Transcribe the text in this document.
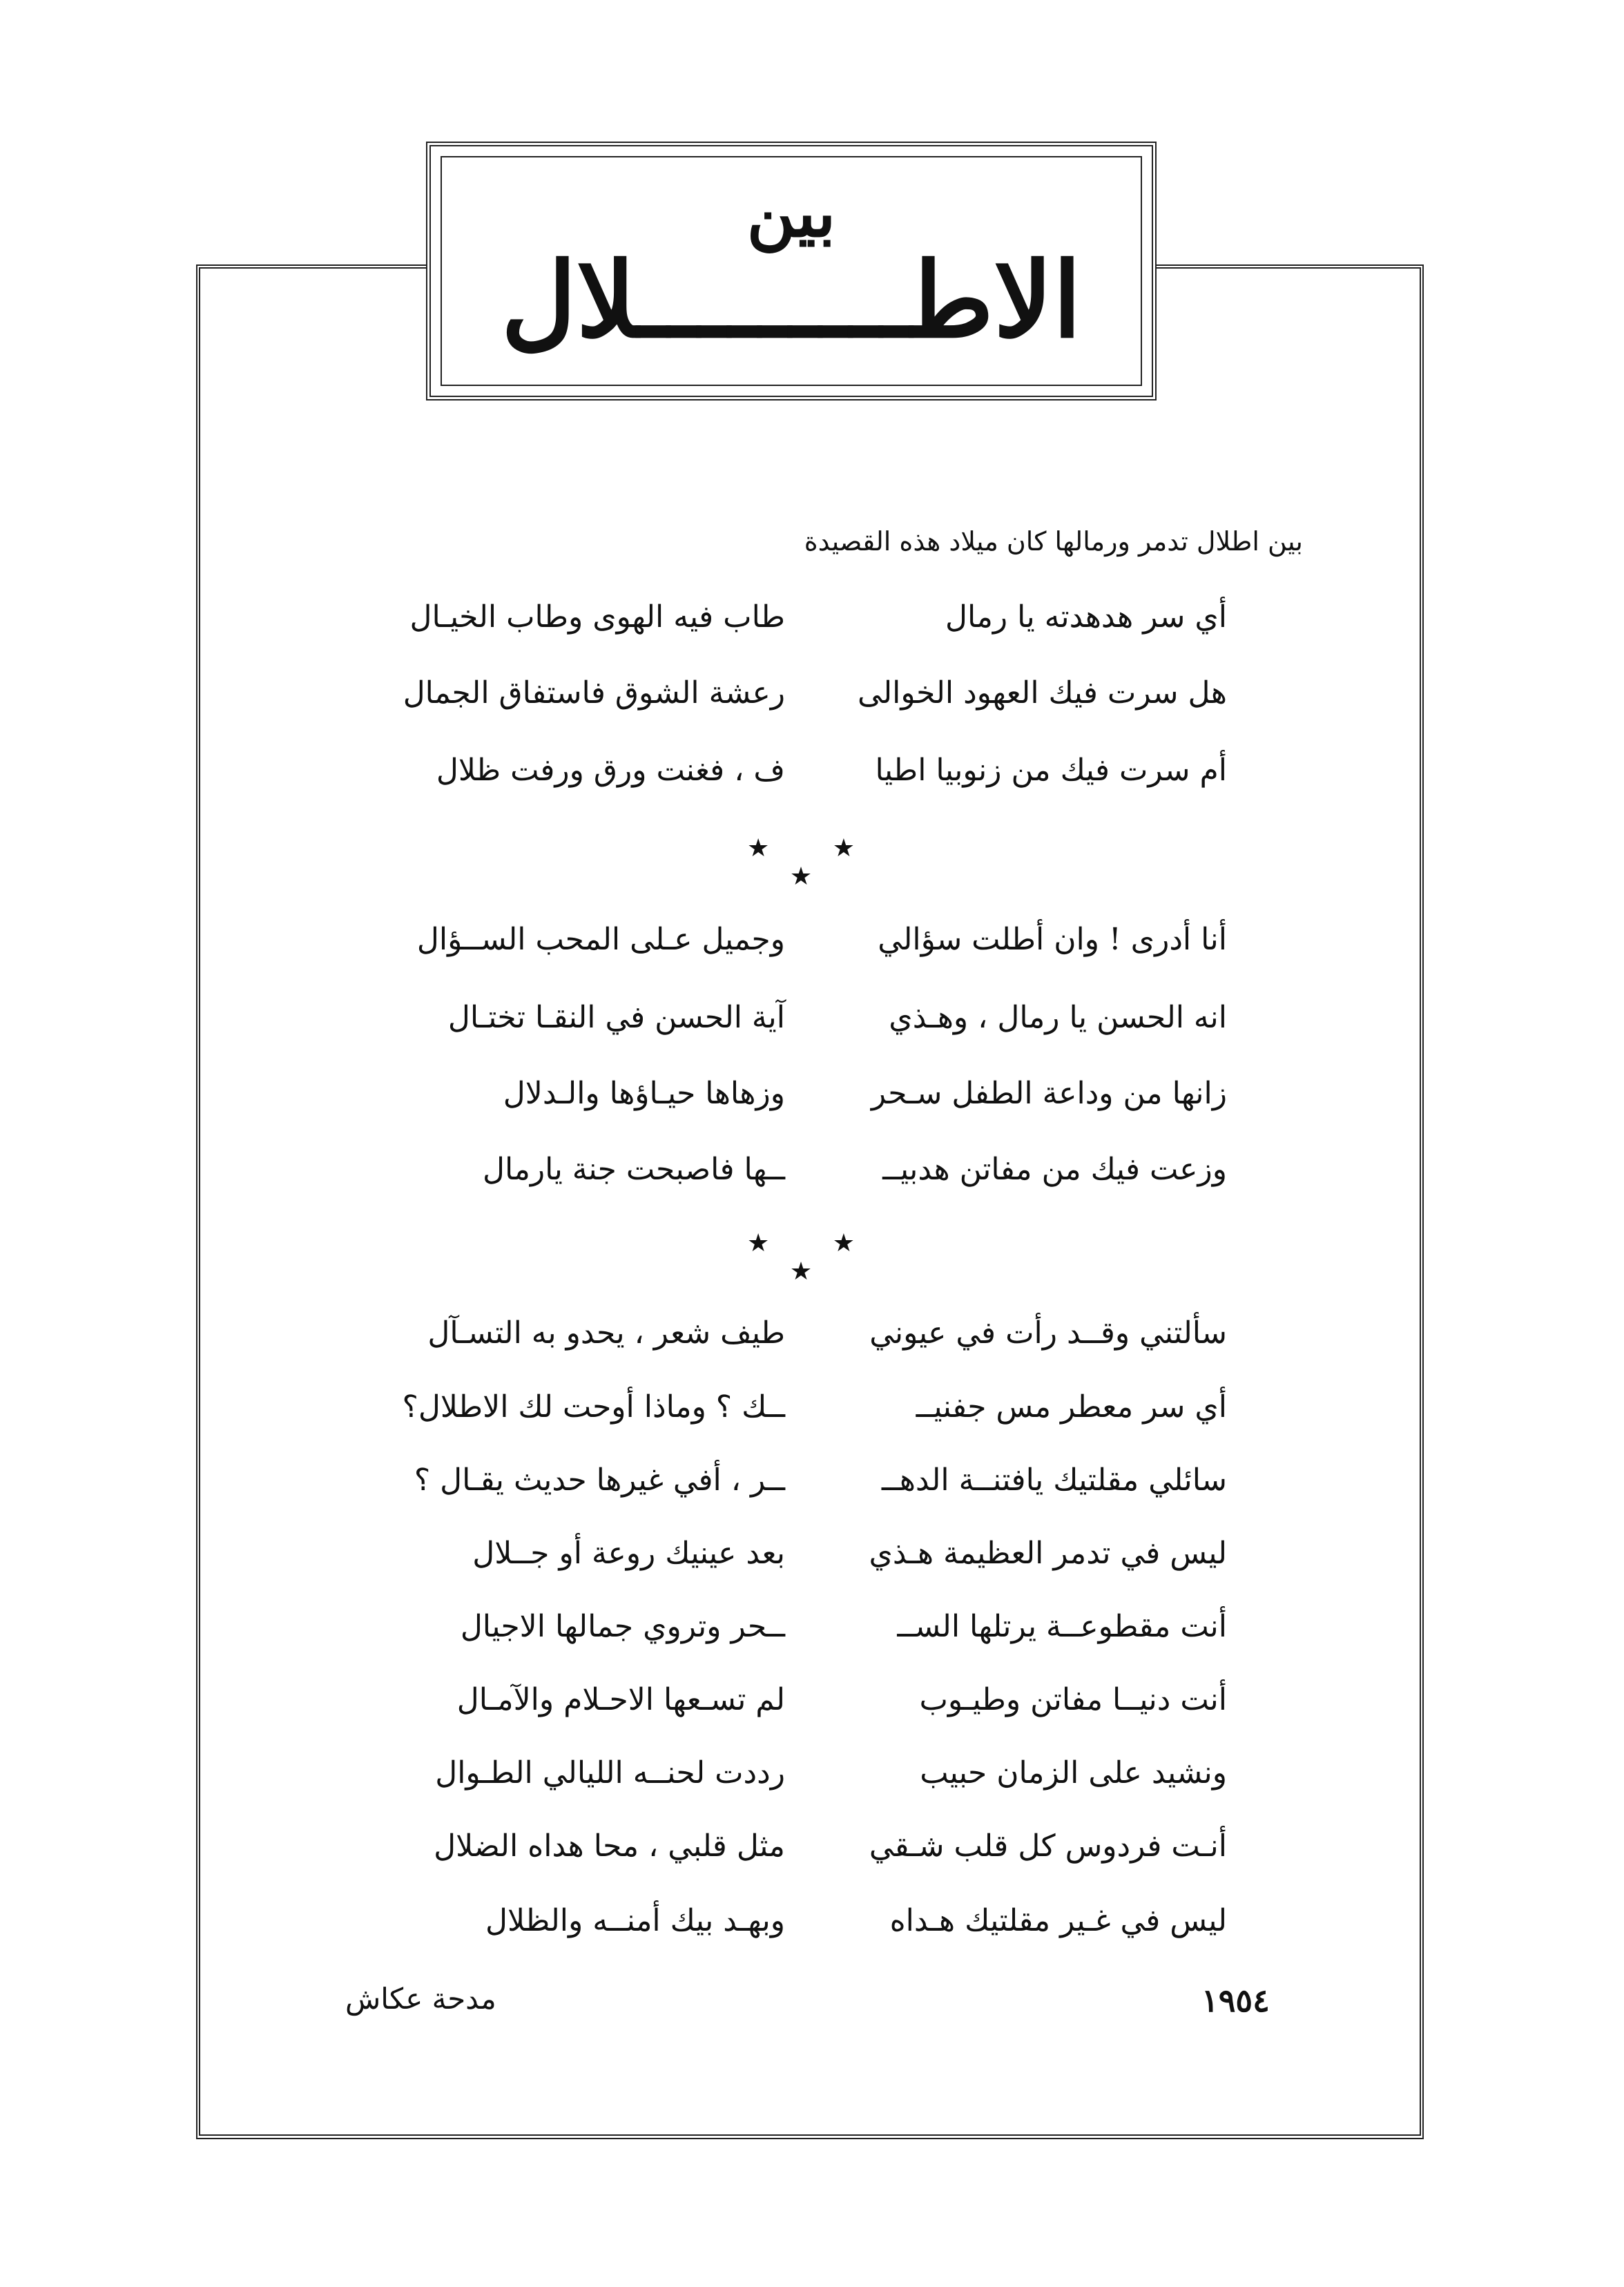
بين
الاطـــــــــلال
بين اطلال تدمر ورمالها كان ميلاد هذه القصيدة
أي سر هدهدته يا رمال
طاب فيه الهوى وطاب الخيـال
هل سرت فيك العهود الخوالى
رعشة الشوق فاستفاق الجمال
أم سرت فيك من زنوبيا اطيا
ف ، فغنت ورق ورفت ظلال
★ ★ ★
أنا أدرى ! وان أطلت سؤالي
وجميل عـلى المحب الســؤال
انه الحسن يا رمال ، وهـذي
آية الحسن في النقـا تختـال
زانها من وداعة الطفل سـحر
وزهاها حيـاؤها والـدلال
وزعت فيك من مفاتن هدبيــ
ــها فاصبحت جنة يارمال
★ ★ ★
سألتني وقــد رأت في عيوني
طيف شعر ، يحدو به التسـآل
أي سر معطر مس جفنيــ
ــك ؟ وماذا أوحت لك الاطلال؟
سائلي مقلتيك يافتنــة الدهــ
ــر ، أفي غيرها حديث يقـال ؟
ليس في تدمر العظيمة هـذي
بعد عينيك روعة أو جــلال
أنت مقطوعــة يرتلها الســ
ــحر وتروي جمالها الاجيال
أنت دنيــا مفاتن وطيـوب
لم تسـعها الاحـلام والآمـال
ونشيد على الزمان حبيب
رددت لحنــه الليالي الطـوال
أنـت فردوس كل قلب شـقي
مثل قلبي ، محا هداه الضلال
ليس في غـير مقلتيك هـداه
وبهـد بيك أمنــه والظلال
١٩٥٤
مدحة عكاش
